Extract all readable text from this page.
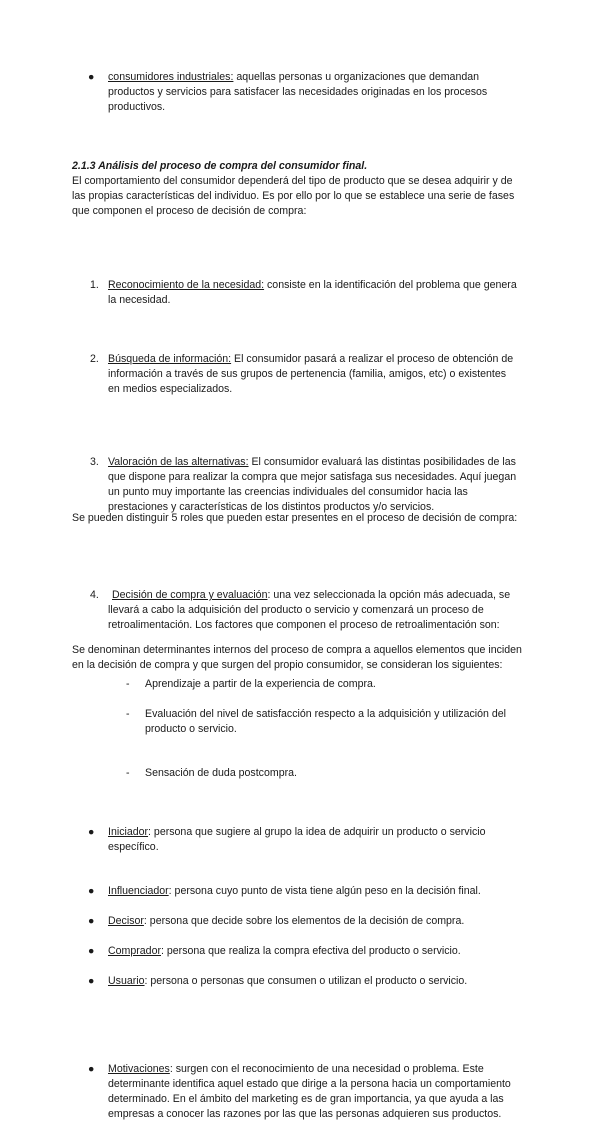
● consumidores industriales: aquellas personas u organizaciones que demandan productos y servicios para satisfacer las necesidades originadas en los procesos productivos.
2.1.3 Análisis del proceso de compra del consumidor final.
El comportamiento del consumidor dependerá del tipo de producto que se desea adquirir y de las propias características del individuo. Es por ello por lo que se establece una serie de fases que componen el proceso de decisión de compra:
1. Reconocimiento de la necesidad: consiste en la identificación del problema que genera la necesidad.
2. Búsqueda de información: El consumidor pasará a realizar el proceso de obtención de información a través de sus grupos de pertenencia (familia, amigos, etc) o existentes en medios especializados.
3. Valoración de las alternativas: El consumidor evaluará las distintas posibilidades de las que dispone para realizar la compra que mejor satisfaga sus necesidades. Aquí juegan un punto muy importante las creencias individuales del consumidor hacia las prestaciones y características de los distintos productos y/o servicios.
4. Decisión de compra y evaluación: una vez seleccionada la opción más adecuada, se llevará a cabo la adquisición del producto o servicio y comenzará un proceso de retroalimentación. Los factores que componen el proceso de retroalimentación son:
- Aprendizaje a partir de la experiencia de compra.
- Evaluación del nivel de satisfacción respecto a la adquisición y utilización del producto o servicio.
- Sensación de duda postcompra.
Se pueden distinguir 5 roles que pueden estar presentes en el proceso de decisión de compra:
● Iniciador: persona que sugiere al grupo la idea de adquirir un producto o servicio específico.
● Influenciador: persona cuyo punto de vista tiene algún peso en la decisión final.
● Decisor: persona que decide sobre los elementos de la decisión de compra.
● Comprador: persona que realiza la compra efectiva del producto o servicio.
● Usuario: persona o personas que consumen o utilizan el producto o servicio.
Se denominan determinantes internos del proceso de compra a aquellos elementos que inciden en la decisión de compra y que surgen del propio consumidor, se consideran los siguientes:
● Motivaciones: surgen con el reconocimiento de una necesidad o problema. Este determinante identifica aquel estado que dirige a la persona hacia un comportamiento determinado. En el ámbito del marketing es de gran importancia, ya que ayuda a las empresas a conocer las razones por las que las personas adquieren sus productos.
